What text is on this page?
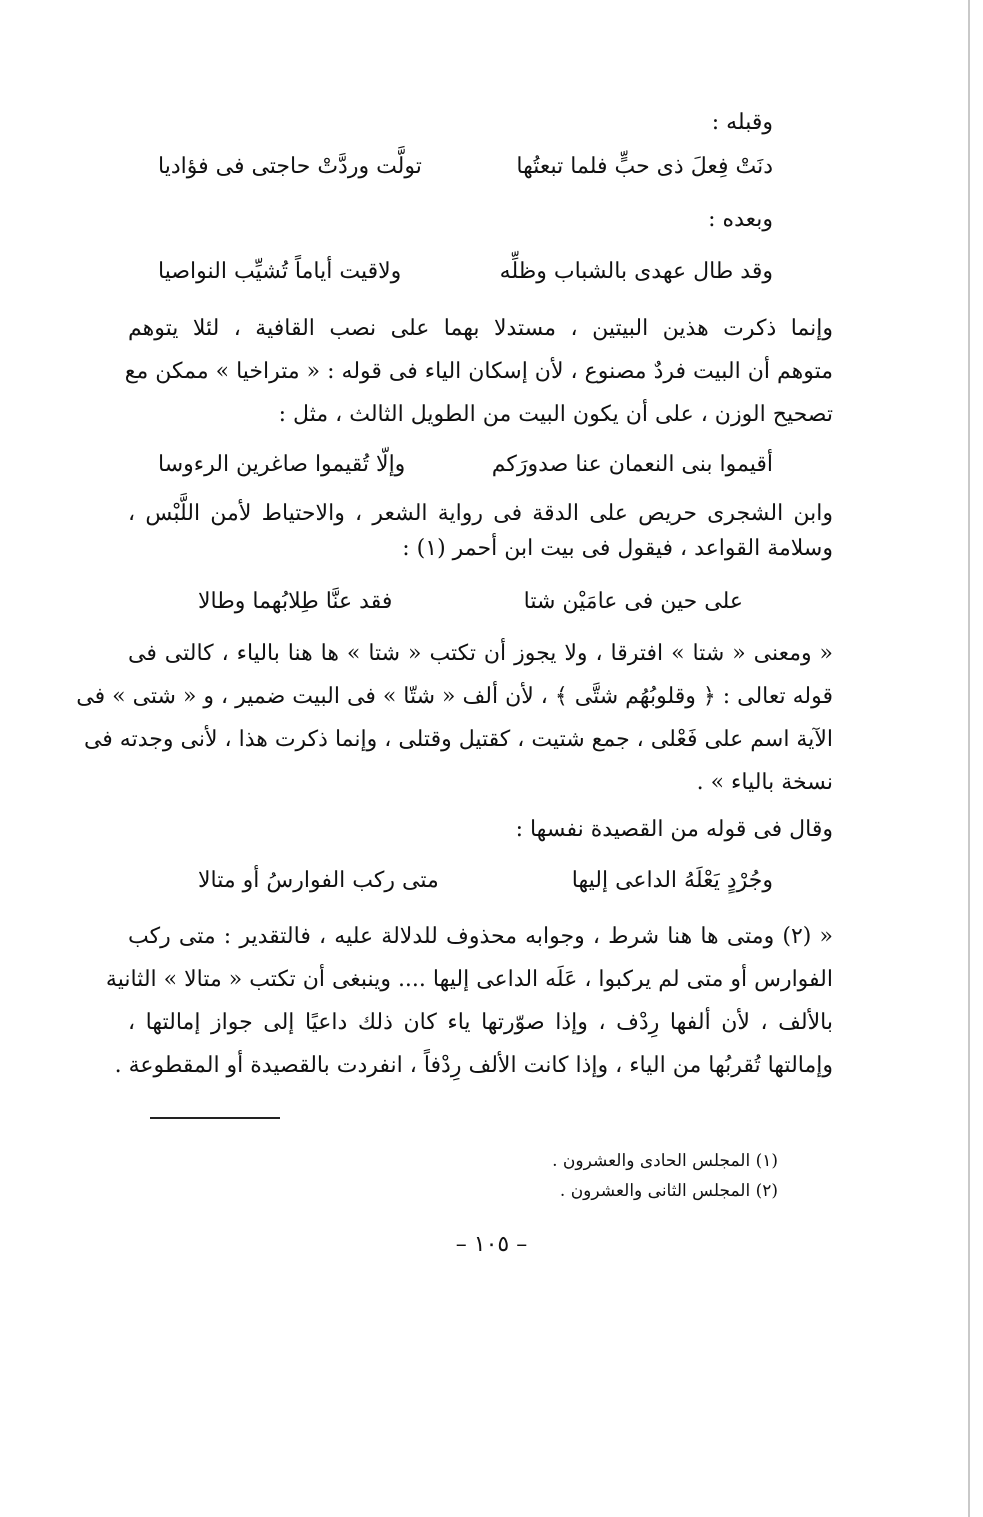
وقبله :
دنَتْ فِعلَ ذى حبٍّ فلما تبعتُها
تولَّت وردَّتْ حاجتى فى فؤاديا
وبعده :
وقد طال عهدى بالشباب وظلِّه
ولاقيت أياماً تُشيِّب النواصيا
وإنما ذكرت هذين البيتين ، مستدلا بهما على نصب القافية ، لئلا يتوهم
متوهم أن البيت فردٌ مصنوع ، لأن إسكان الياء فى قوله : « متراخيا » ممكن مع
تصحيح الوزن ، على أن يكون البيت من الطويل الثالث ، مثل :
أقيموا بنى النعمان عنا صدورَكم
وإلّا تُقيموا صاغرين الرءوسا
وابن الشجرى حريص على الدقة فى رواية الشعر ، والاحتياط لأمن اللَّبْس ،
وسلامة القواعد ، فيقول فى بيت ابن أحمر (١) :
على حين فى عامَيْن شتا
فقد عنَّا طِلابُهما وطالا
« ومعنى « شتا » افترقا ، ولا يجوز أن تكتب « شتا » ها هنا بالياء ، كالتى فى
قوله تعالى : ﴿ وقلوبُهُم شتَّى ﴾ ، لأن ألف « شتّا » فى البيت ضمير ، و « شتى » فى
الآية اسم على فَعْلى ، جمع شتيت ، كقتيل وقتلى ، وإنما ذكرت هذا ، لأنى وجدته فى
نسخة بالياء » .
وقال فى قوله من القصيدة نفسها :
وجُرْدٍ يَعْلَهُ الداعى إليها
متى ركب الفوارسُ أو متالا
« (٢) ومتى ها هنا شرط ، وجوابه محذوف للدلالة عليه ، فالتقدير : متى ركب
الفوارس أو متى لم يركبوا ، عَلَه الداعى إليها .... وينبغى أن تكتب « متالا » الثانية
بالألف ، لأن ألفها رِدْف ، وإذا صوّرتها ياء كان ذلك داعيًا إلى جواز إمالتها ،
وإمالتها تُقربُها من الياء ، وإذا كانت الألف رِدْفاً ، انفردت بالقصيدة أو المقطوعة .
(١) المجلس الحادى والعشرون .
(٢) المجلس الثانى والعشرون .
– ١٠٥ –
